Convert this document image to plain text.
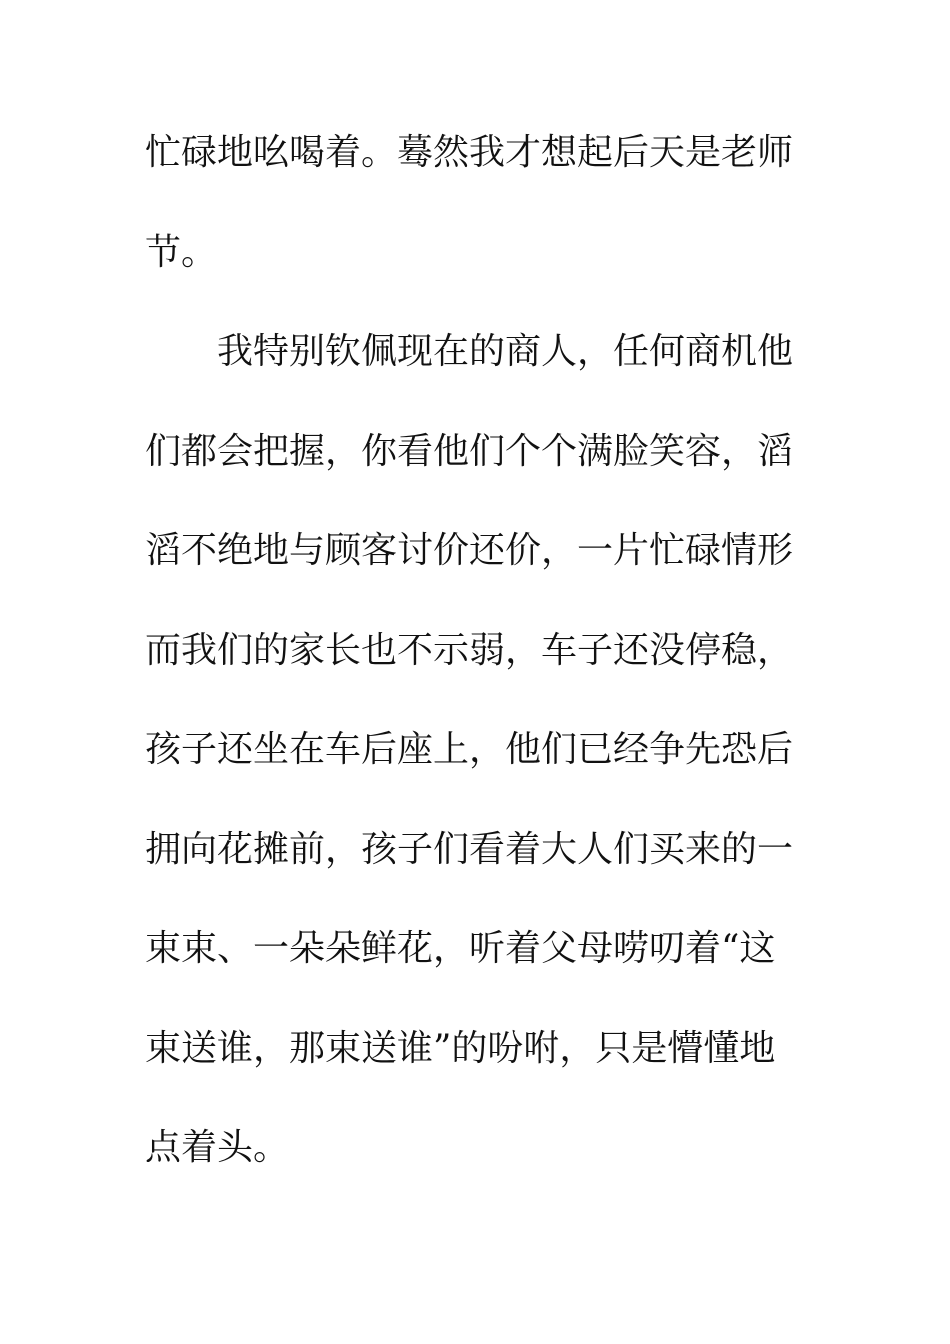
忙碌地吆喝着。蓦然我才想起后天是老师
节。
我特别钦佩现在的商人，任何商机他
们都会把握，你看他们个个满脸笑容，滔
滔不绝地与顾客讨价还价，一片忙碌情形
而我们的家长也不示弱，车子还没停稳，
孩子还坐在车后座上，他们已经争先恐后
拥向花摊前，孩子们看着大人们买来的一
束束、一朵朵鲜花，听着父母唠叨着“这
束送谁，那束送谁”的吩咐，只是懵懂地
点着头。
